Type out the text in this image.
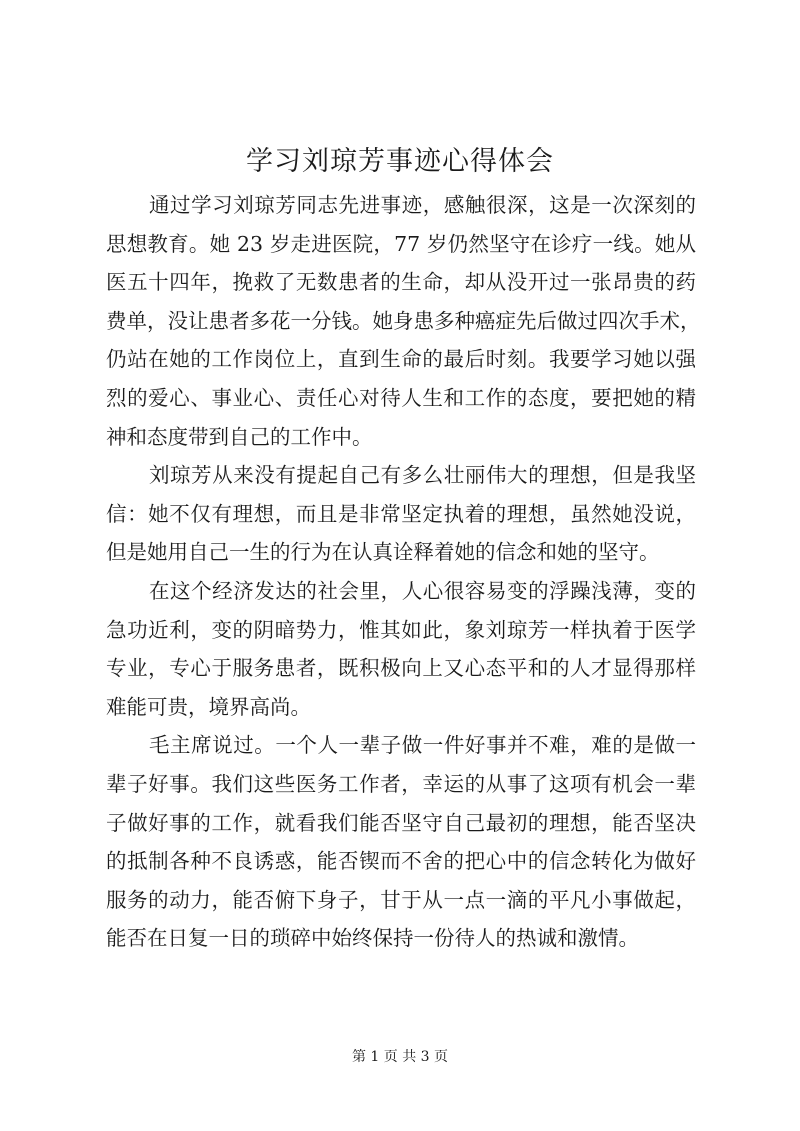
学习刘琼芳事迹心得体会

通过学习刘琼芳同志先进事迹，感触很深，这是一次深刻的
思想教育。她 23 岁走进医院，77 岁仍然坚守在诊疗一线。她从
医五十四年，挽救了无数患者的生命，却从没开过一张昂贵的药
费单，没让患者多花一分钱。她身患多种癌症先后做过四次手术，
仍站在她的工作岗位上，直到生命的最后时刻。我要学习她以强
烈的爱心、事业心、责任心对待人生和工作的态度，要把她的精
神和态度带到自己的工作中。

刘琼芳从来没有提起自己有多么壮丽伟大的理想，但是我坚
信：她不仅有理想，而且是非常坚定执着的理想，虽然她没说，
但是她用自己一生的行为在认真诠释着她的信念和她的坚守。

在这个经济发达的社会里，人心很容易变的浮躁浅薄，变的
急功近利，变的阴暗势力，惟其如此，象刘琼芳一样执着于医学
专业，专心于服务患者，既积极向上又心态平和的人才显得那样
难能可贵，境界高尚。

毛主席说过。一个人一辈子做一件好事并不难，难的是做一
辈子好事。我们这些医务工作者，幸运的从事了这项有机会一辈
子做好事的工作，就看我们能否坚守自己最初的理想，能否坚决
的抵制各种不良诱惑，能否锲而不舍的把心中的信念转化为做好
服务的动力，能否俯下身子，甘于从一点一滴的平凡小事做起，
能否在日复一日的琐碎中始终保持一份待人的热诚和激情。

第 1 页 共 3 页
